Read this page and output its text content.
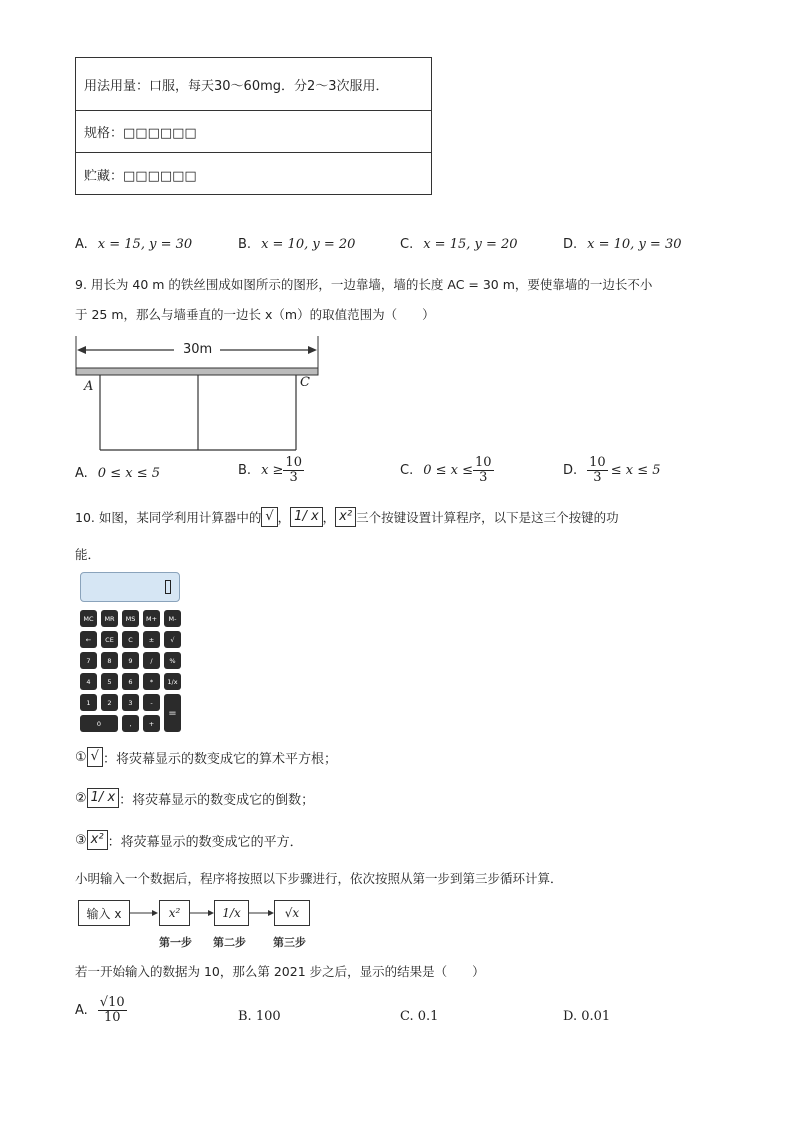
用法用量：口服，每天30～60mg．分2～3次服用．
规格：□□□□□□
贮藏：□□□□□□
A. x = 15, y = 30	B. x = 10, y = 20	C. x = 15, y = 20	D. x = 10, y = 30
9. 用长为 40 m 的铁丝围成如图所示的图形，一边靠墙，墙的长度 AC = 30 m，要使靠墙的一边长不小
于 25 m，那么与墙垂直的一边长 x（m）的取值范围为（　　）
30m
A	C
A. 0 ≤ x ≤ 5	B. $x \ge \frac{10}{3}$	C. $0 \le x \le \frac{10}{3}$	D. $\frac{10}{3} \le x \le 5$
10. 如图，某同学利用计算器中的 √ ， 1/ x ， x² 三个按键设置计算程序，以下是这三个按键的功
能．
MC	MR	MS	M+	M-
←	CE	C	±	√
7	8	9	/	%
4	5	6	*	1/x
1	2	3	-
=
0	,	+
① √ ：将荧幕显示的数变成它的算术平方根；
② 1/ x ：将荧幕显示的数变成它的倒数；
③ x² ：将荧幕显示的数变成它的平方．
小明输入一个数据后，程序将按照以下步骤进行，依次按照从第一步到第三步循环计算．
输入 x	x²	1/x	√x
第一步 第二步 第三步
若一开始输入的数据为 10，那么第 2021 步之后，显示的结果是（　　）
A. $\frac{√10}{10}$	B. 100	C. 0.1	D. 0.01
